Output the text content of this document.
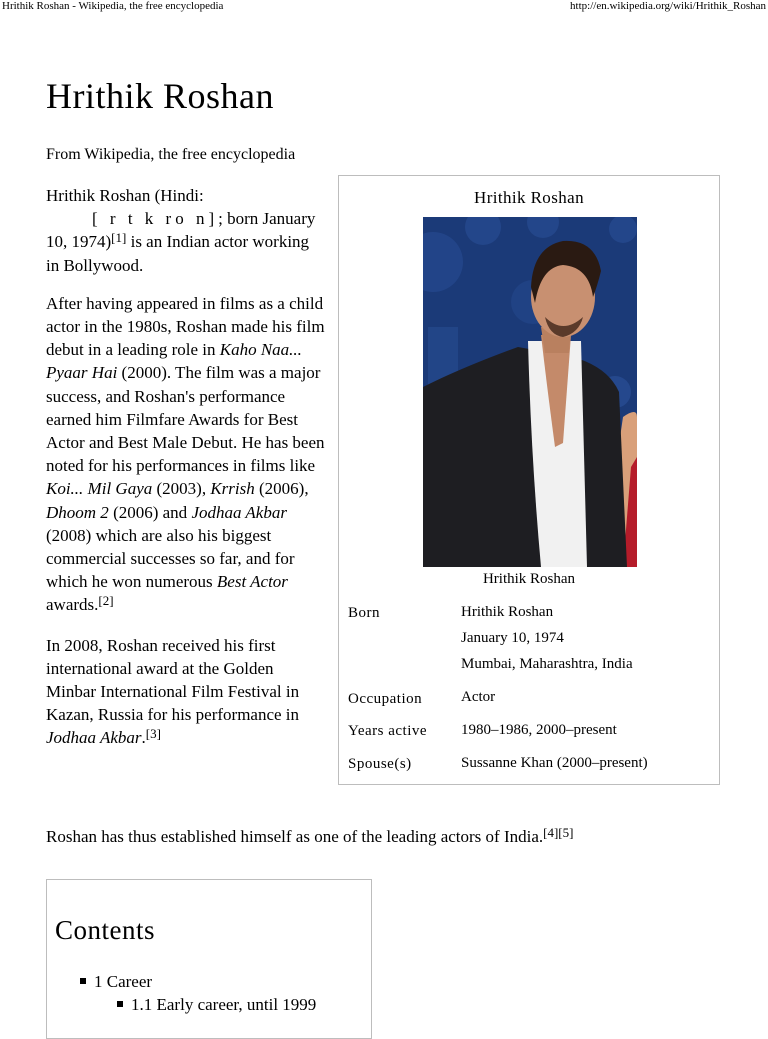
Hrithik Roshan - Wikipedia, the free encyclopedia	http://en.wikipedia.org/wiki/Hrithik_Roshan
Hrithik Roshan
From Wikipedia, the free encyclopedia

Hrithik Roshan (Hindi:
[ r t k ro n]; born January 10, 1974)[1] is an Indian actor working in Bollywood.

After having appeared in films as a child actor in the 1980s, Roshan made his film debut in a leading role in Kaho Naa... Pyaar Hai (2000). The film was a major success, and Roshan's performance earned him Filmfare Awards for Best Actor and Best Male Debut. He has been noted for his performances in films like Koi... Mil Gaya (2003), Krrish (2006), Dhoom 2 (2006) and Jodhaa Akbar (2008) which are also his biggest commercial successes so far, and for which he won numerous Best Actor awards.[2]

In 2008, Roshan received his first international award at the Golden Minbar International Film Festival in Kazan, Russia for his performance in Jodhaa Akbar.[3]

Roshan has thus established himself as one of the leading actors of India.[4][5]
Hrithik Roshan
Hrithik Roshan
Born	Hrithik Roshan
January 10, 1974
Mumbai, Maharashtra, India
Occupation	Actor
Years active 1980–1986, 2000–present
Spouse(s)	Sussanne Khan (2000–present)
Contents
1 Career
1.1 Early career, until 1999
